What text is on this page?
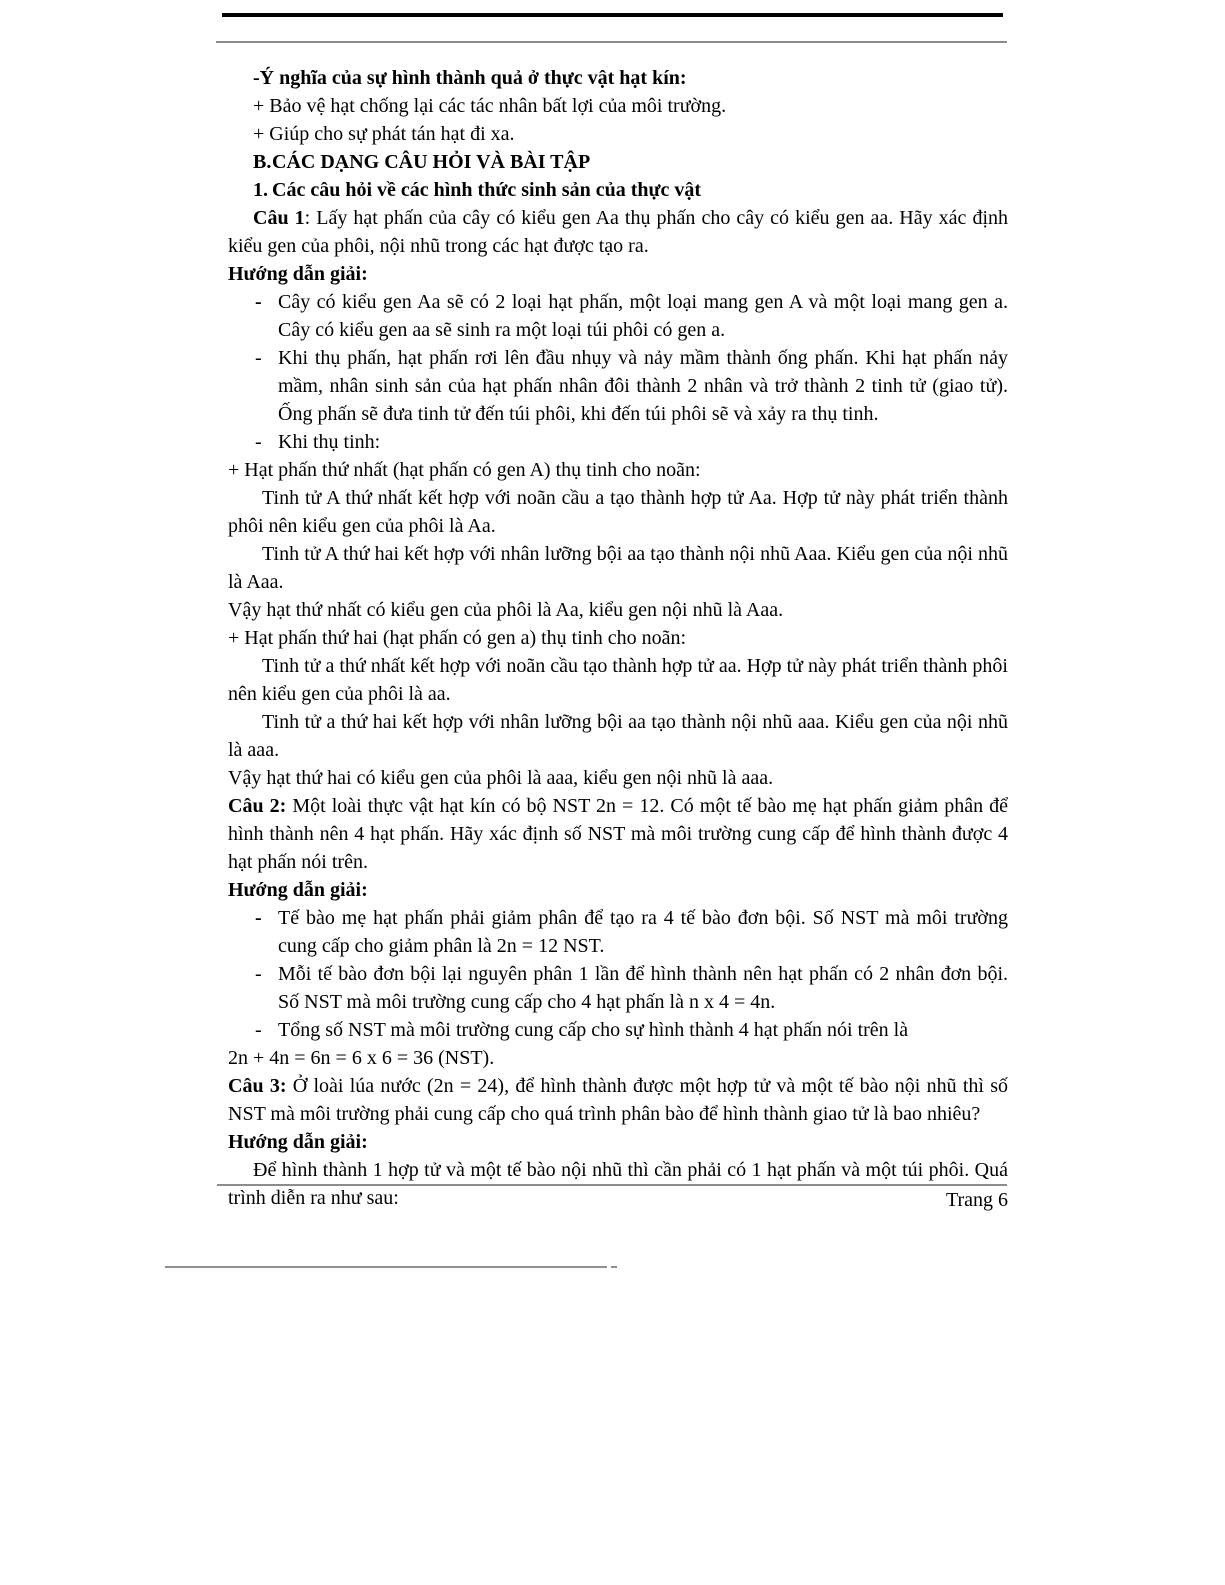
-Ý nghĩa của sự hình thành quả ở thực vật hạt kín:

+ Bảo vệ hạt chống lại các tác nhân bất lợi của môi trường.

+ Giúp cho sự phát tán hạt đi xa.

B. CÁC DẠNG CÂU HỎI VÀ BÀI TẬP
1. Các câu hỏi về các hình thức sinh sản của thực vật

Câu 1: Lấy hạt phấn của cây có kiểu gen Aa thụ phấn cho cây có kiểu gen aa. Hãy xác định kiểu gen của phôi, nội nhũ trong các hạt được tạo ra.

Hướng dẫn giải:

- Cây có kiểu gen Aa sẽ có 2 loại hạt phấn, một loại mang gen A và một loại mang gen a. Cây có kiểu gen aa sẽ sinh ra một loại túi phôi có gen a.
- Khi thụ phấn, hạt phấn rơi lên đầu nhụy và nảy mầm thành ống phấn. Khi hạt phấn nảy mầm, nhân sinh sản của hạt phấn nhân đôi thành 2 nhân và trở thành 2 tinh tử (giao tử). Ống phấn sẽ đưa tinh tử đến túi phôi, khi đến túi phôi sẽ và xảy ra thụ tinh.
- Khi thụ tinh:

+ Hạt phấn thứ nhất (hạt phấn có gen A) thụ tinh cho noãn:

Tinh tử A thứ nhất kết hợp với noãn cầu a tạo thành hợp tử Aa. Hợp tử này phát triển thành phôi nên kiểu gen của phôi là Aa.

Tinh tử A thứ hai kết hợp với nhân lưỡng bội aa tạo thành nội nhũ Aaa. Kiểu gen của nội nhũ là Aaa.

Vậy hạt thứ nhất có kiểu gen của phôi là Aa, kiểu gen nội nhũ là Aaa.

+ Hạt phấn thứ hai (hạt phấn có gen a) thụ tinh cho noãn:

Tinh tử a thứ nhất kết hợp với noãn cầu tạo thành hợp tử aa. Hợp tử này phát triển thành phôi nên kiểu gen của phôi là aa.

Tinh tử a thứ hai kết hợp với nhân lưỡng bội aa tạo thành nội nhũ aaa. Kiểu gen của nội nhũ là aaa.

Vậy hạt thứ hai có kiểu gen của phôi là aaa, kiểu gen nội nhũ là aaa.

Câu 2: Một loài thực vật hạt kín có bộ NST 2n = 12. Có một tế bào mẹ hạt phấn giảm phân để hình thành nên 4 hạt phấn. Hãy xác định số NST mà môi trường cung cấp để hình thành được 4 hạt phấn nói trên.

Hướng dẫn giải:

- Tế bào mẹ hạt phấn phải giảm phân để tạo ra 4 tế bào đơn bội. Số NST mà môi trường cung cấp cho giảm phân là 2n = 12 NST.
- Mỗi tế bào đơn bội lại nguyên phân 1 lần để hình thành nên hạt phấn có 2 nhân đơn bội. Số NST mà môi trường cung cấp cho 4 hạt phấn là n x 4 = 4n.
- Tổng số NST mà môi trường cung cấp cho sự hình thành 4 hạt phấn nói trên là

2n + 4n = 6n = 6 x 6 = 36 (NST).

Câu 3: Ở loài lúa nước (2n = 24), để hình thành được một hợp tử và một tế bào nội nhũ thì số NST mà môi trường phải cung cấp cho quá trình phân bào để hình thành giao tử là bao nhiêu?

Hướng dẫn giải:

Để hình thành 1 hợp tử và một tế bào nội nhũ thì cần phải có 1 hạt phấn và một túi phôi. Quá trình diễn ra như sau:	Trang 6
